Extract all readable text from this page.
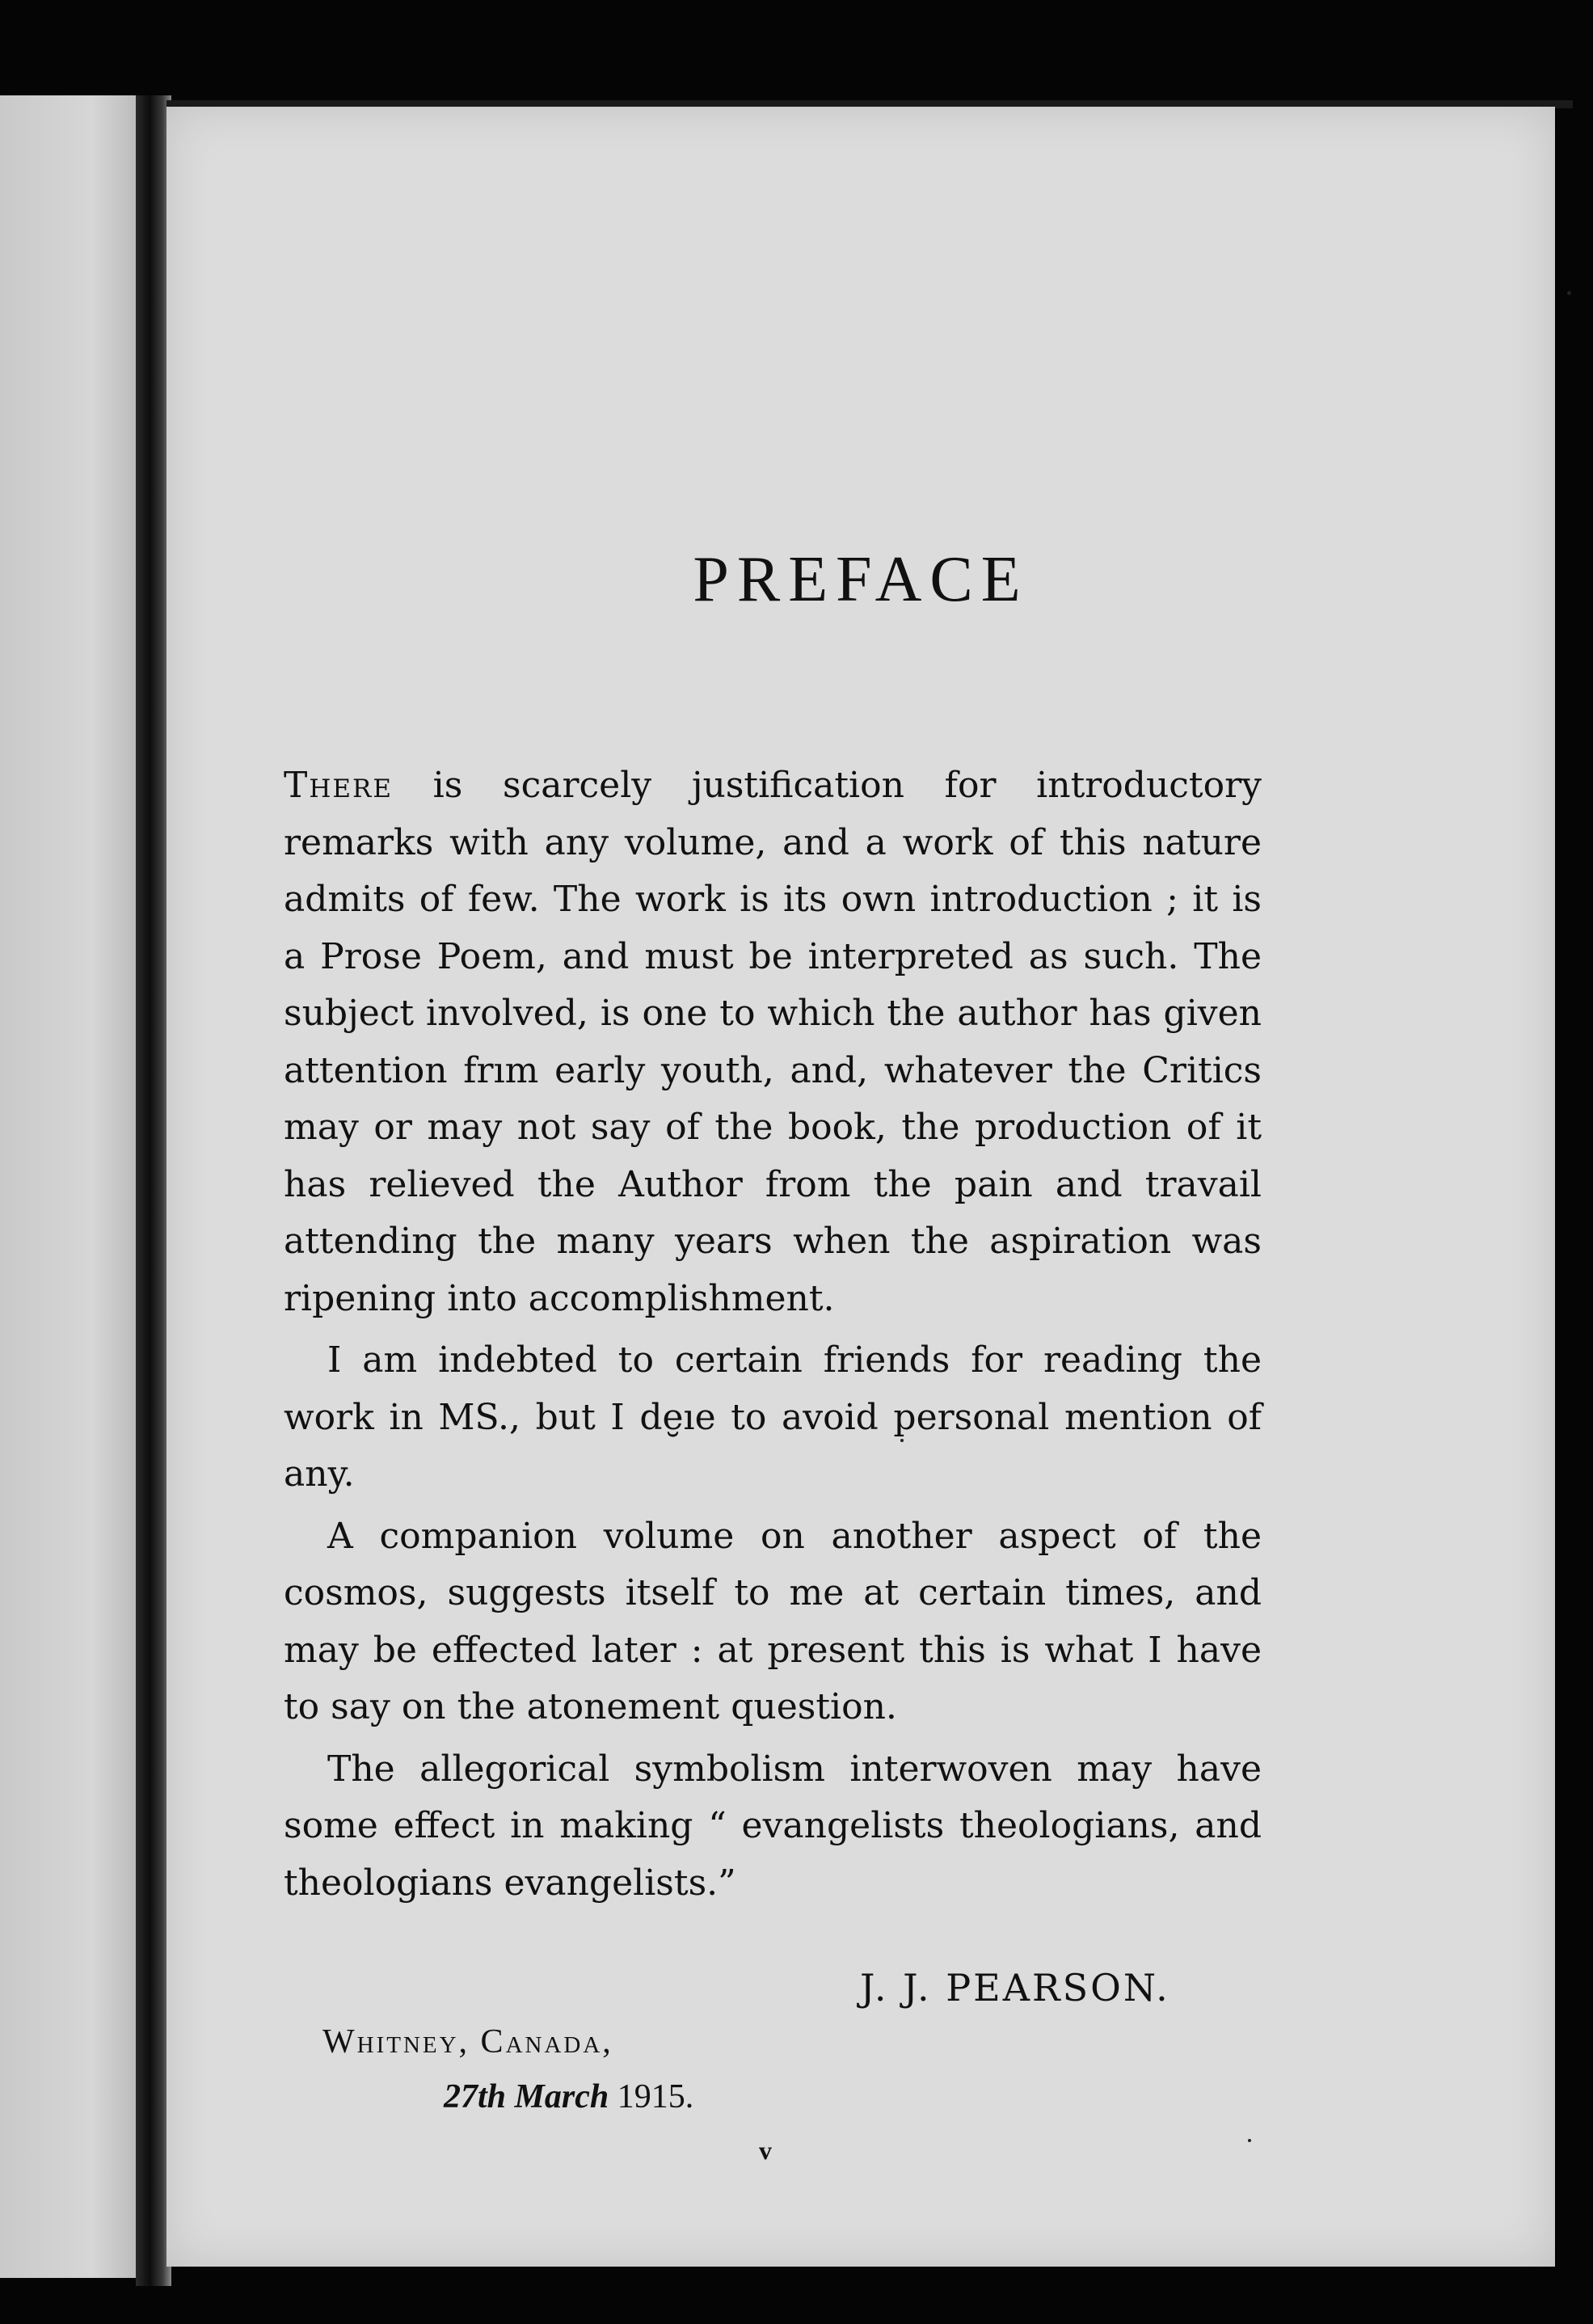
PREFACE

There is scarcely justification for introductory remarks with any volume, and a work of this nature admits of few. The work is its own introduction ; it is a Prose Poem, and must be interpreted as such. The subject involved, is one to which the author has given attention fr​ım early youth, and, whatever the Critics may or may not say of the book, the production of it has relieved the Author from the pain and travail attending the many years when the aspiration was ripening into accomplishment.

I am indebted to certain friends for reading the work in MS., but I de̮ıe to avoid personal mention of any.

A companion volume on another aspect of the cosmos, suggests itself to me at certain times, and may be effected later : at present this is what I have to say on the atonement question.

The allegorical symbolism interwoven may have some effect in making “ evangelists theologians, and theologians evangelists.”

J. J. PEARSON.
Whitney, Canada,
27th March 1915.
v
